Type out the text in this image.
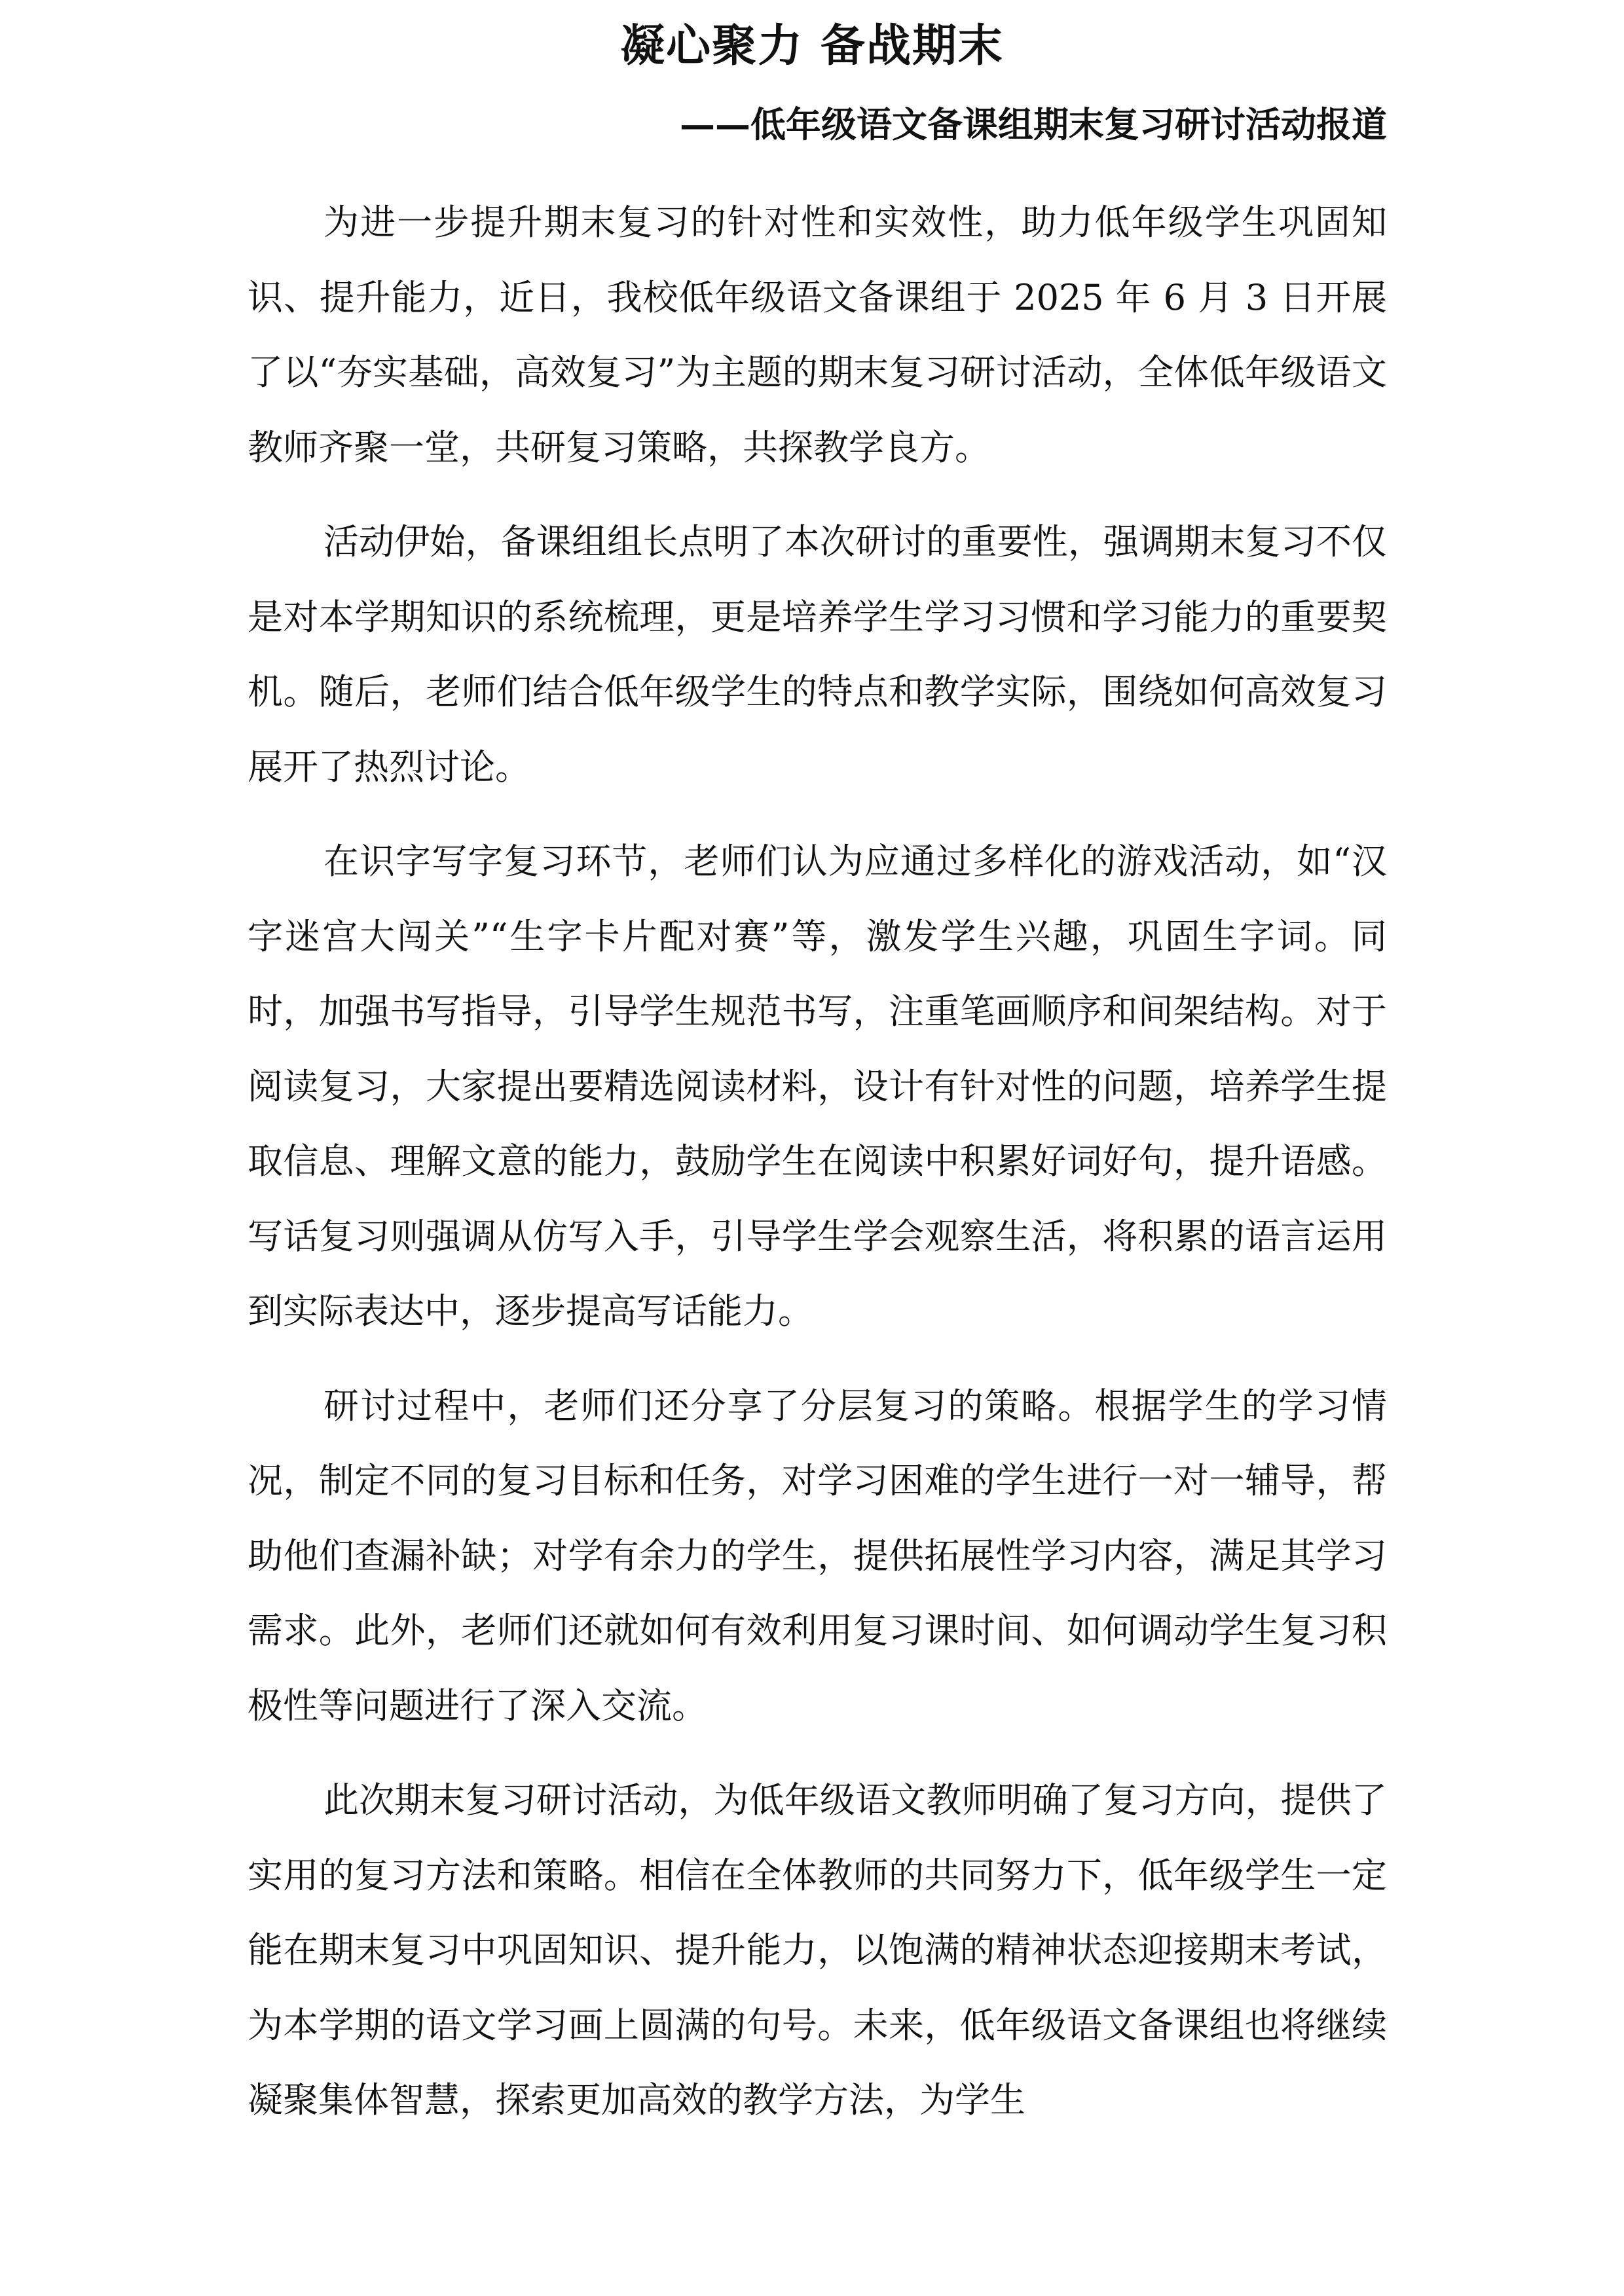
凝心聚力 备战期末
——低年级语文备课组期末复习研讨活动报道

为进一步提升期末复习的针对性和实效性，助力低年级学生巩固知识、提升能力，近日，我校低年级语文备课组于 2025 年 6 月 3 日开展了以“夯实基础，高效复习”为主题的期末复习研讨活动，全体低年级语文教师齐聚一堂，共研复习策略，共探教学良方。

活动伊始，备课组组长点明了本次研讨的重要性，强调期末复习不仅是对本学期知识的系统梳理，更是培养学生学习习惯和学习能力的重要契机。随后，老师们结合低年级学生的特点和教学实际，围绕如何高效复习展开了热烈讨论。

在识字写字复习环节，老师们认为应通过多样化的游戏活动，如“汉字迷宫大闯关”“生字卡片配对赛”等，激发学生兴趣，巩固生字词。同时，加强书写指导，引导学生规范书写，注重笔画顺序和间架结构。对于阅读复习，大家提出要精选阅读材料，设计有针对性的问题，培养学生提取信息、理解文意的能力，鼓励学生在阅读中积累好词好句，提升语感。写话复习则强调从仿写入手，引导学生学会观察生活，将积累的语言运用到实际表达中，逐步提高写话能力。

研讨过程中，老师们还分享了分层复习的策略。根据学生的学习情况，制定不同的复习目标和任务，对学习困难的学生进行一对一辅导，帮助他们查漏补缺；对学有余力的学生，提供拓展性学习内容，满足其学习需求。此外，老师们还就如何有效利用复习课时间、如何调动学生复习积极性等问题进行了深入交流。

此次期末复习研讨活动，为低年级语文教师明确了复习方向，提供了实用的复习方法和策略。相信在全体教师的共同努力下，低年级学生一定能在期末复习中巩固知识、提升能力，以饱满的精神状态迎接期末考试，为本学期的语文学习画上圆满的句号。未来，低年级语文备课组也将继续凝聚集体智慧，探索更加高效的教学方法，为学生
